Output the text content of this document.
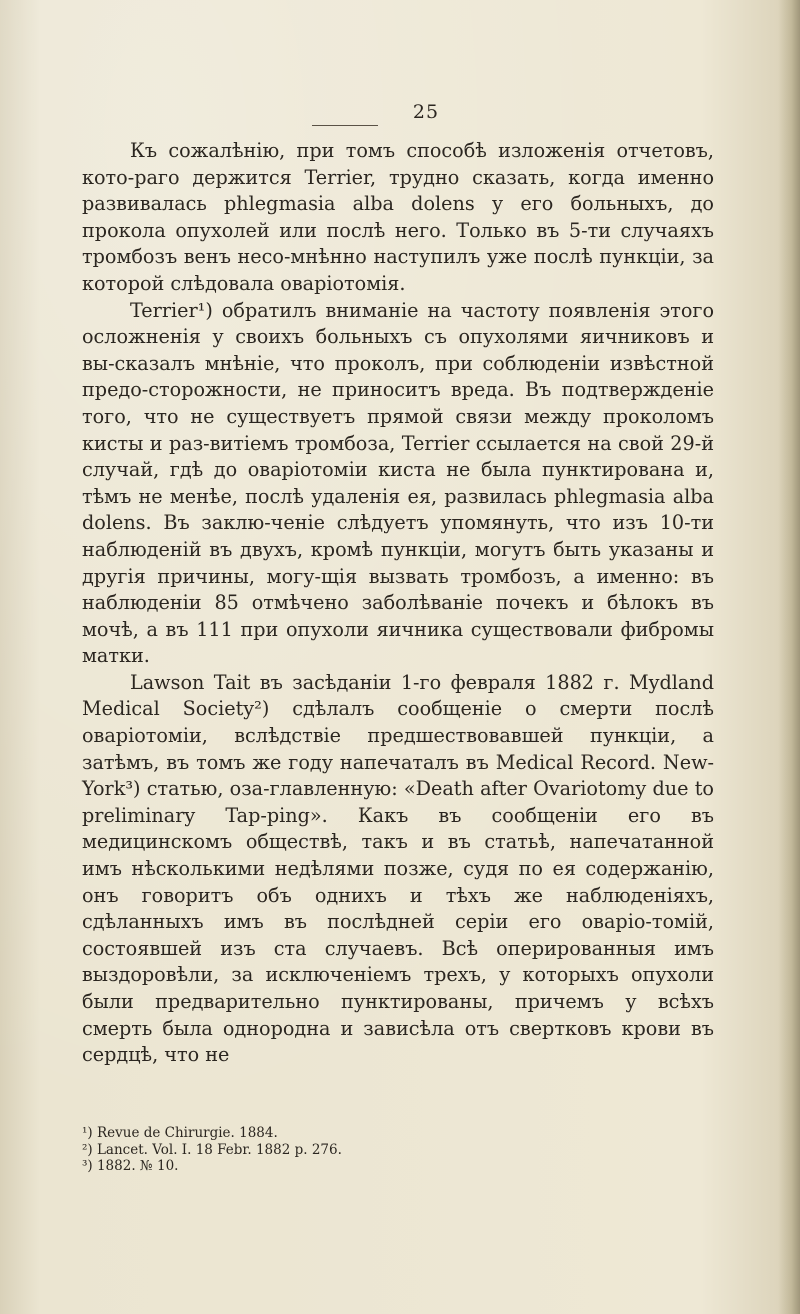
25

Къ сожалѣнію, при томъ способѣ изложенія отчетовъ, кото-раго держится Terrier, трудно сказать, когда именно развивалась phlegmasia alba dolens у его больныхъ, до прокола опухолей или послѣ него. Только въ 5-ти случаяхъ тромбозъ венъ несо-мнѣнно наступилъ уже послѣ пункціи, за которой слѣдовала оваріотомія.

Terrier¹) обратилъ вниманіе на частоту появленія этого осложненія у своихъ больныхъ съ опухолями яичниковъ и вы-сказалъ мнѣніе, что проколъ, при соблюденіи извѣстной предо-сторожности, не приноситъ вреда. Въ подтвержденіе того, что не существуетъ прямой связи между проколомъ кисты и раз-витіемъ тромбоза, Terrier ссылается на свой 29-й случай, гдѣ до оваріотоміи киста не была пунктирована и, тѣмъ не менѣе, послѣ удаленія ея, развилась phlegmasia alba dolens. Въ заклю-ченіе слѣдуетъ упомянуть, что изъ 10-ти наблюденій въ двухъ, кромѣ пункціи, могутъ быть указаны и другія причины, могу-щія вызвать тромбозъ, а именно: въ наблюденіи 85 отмѣчено заболѣваніе почекъ и бѣлокъ въ мочѣ, а въ 111 при опухоли яичника существовали фибромы матки.

Lawson Tait въ засѣданіи 1-го февраля 1882 г. Mydland Medical Society²) сдѣлалъ сообщеніе о смерти послѣ оваріотоміи, вслѣдствіе предшествовавшей пункціи, а затѣмъ, въ томъ же году напечаталъ въ Medical Record. New-York³) статью, оза-главленную: «Death after Ovariotomy due to preliminary Tap-ping». Какъ въ сообщеніи его въ медицинскомъ обществѣ, такъ и въ статьѣ, напечатанной имъ нѣсколькими недѣлями позже, судя по ея содержанію, онъ говоритъ объ однихъ и тѣхъ же наблюденіяхъ, сдѣланныхъ имъ въ послѣдней серіи его оваріо-томій, состоявшей изъ ста случаевъ. Всѣ оперированныя имъ выздоровѣли, за исключеніемъ трехъ, у которыхъ опухоли были предварительно пунктированы, причемъ у всѣхъ смерть была однородна и зависѣла отъ свертковъ крови въ сердцѣ, что не

¹) Revue de Chirurgie. 1884.
²) Lancet. Vol. I. 18 Febr. 1882 p. 276.
³) 1882. № 10.
